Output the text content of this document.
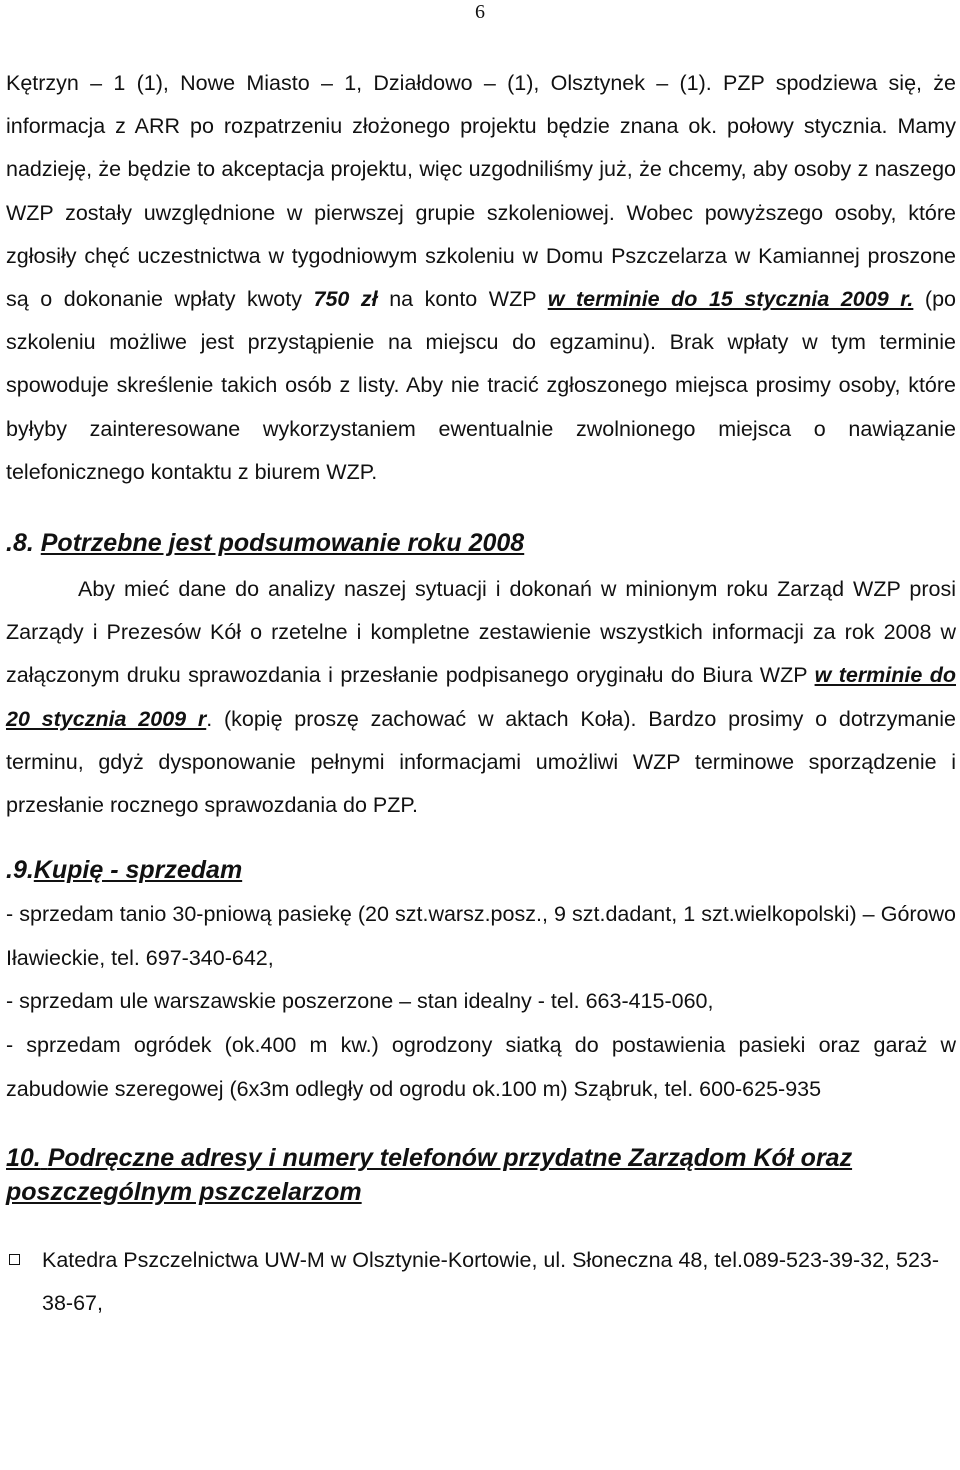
6

Kętrzyn – 1 (1), Nowe Miasto – 1, Działdowo – (1), Olsztynek – (1). PZP spodziewa się, że informacja z ARR po rozpatrzeniu złożonego projektu będzie znana ok. połowy stycznia. Mamy nadzieję, że będzie to akceptacja projektu, więc uzgodniliśmy już, że chcemy, aby osoby z naszego WZP zostały uwzględnione w pierwszej grupie szkoleniowej. Wobec powyższego osoby, które zgłosiły chęć uczestnictwa w tygodniowym szkoleniu w Domu Pszczelarza w Kamiannej proszone są o dokonanie wpłaty kwoty 750 zł na konto WZP w terminie do 15 stycznia 2009 r. (po szkoleniu możliwe jest przystąpienie na miejscu do egzaminu). Brak wpłaty w tym terminie spowoduje skreślenie takich osób z listy. Aby nie tracić zgłoszonego miejsca prosimy osoby, które byłyby zainteresowane wykorzystaniem ewentualnie zwolnionego miejsca o nawiązanie telefonicznego kontaktu z biurem WZP.

.8. Potrzebne jest podsumowanie roku 2008

Aby mieć dane do analizy naszej sytuacji i dokonań w minionym roku Zarząd WZP prosi Zarządy i Prezesów Kół o rzetelne i kompletne zestawienie wszystkich informacji za rok 2008 w załączonym druku sprawozdania i przesłanie podpisanego oryginału do Biura WZP w terminie do 20 stycznia 2009 r. (kopię proszę zachować w aktach Koła). Bardzo prosimy o dotrzymanie terminu, gdyż dysponowanie pełnymi informacjami umożliwi WZP terminowe sporządzenie i przesłanie rocznego sprawozdania do PZP.

.9.Kupię - sprzedam

- sprzedam tanio 30-pniową pasiekę (20 szt.warsz.posz., 9 szt.dadant, 1 szt.wielkopolski) – Górowo Iławieckie, tel. 697-340-642,

- sprzedam ule warszawskie poszerzone – stan idealny - tel. 663-415-060,

- sprzedam ogródek (ok.400 m kw.) ogrodzony siatką do postawienia pasieki oraz garaż w zabudowie szeregowej (6x3m odległy od ogrodu ok.100 m) Sząbruk, tel. 600-625-935

10. Podręczne adresy i numery telefonów przydatne Zarządom Kół oraz poszczególnym pszczelarzom
Katedra Pszczelnictwa UW-M w Olsztynie-Kortowie, ul. Słoneczna 48, tel.089-523-39-32, 523-38-67,
